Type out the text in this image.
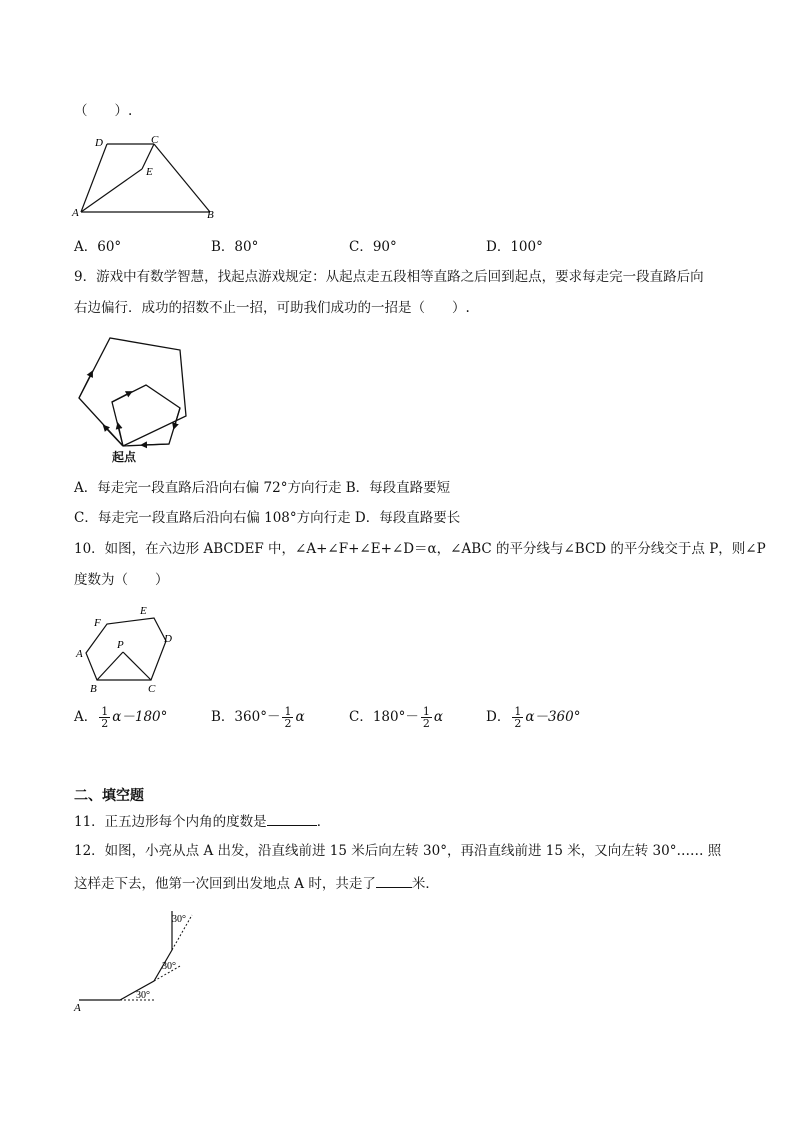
（　　）.
A	B
C
D
E
A．60°	B．80°	C．90°	D．100°
9．游戏中有数学智慧，找起点游戏规定：从起点走五段相等直路之后回到起点，要求每走完一段直路后向
右边偏行．成功的招数不止一招，可助我们成功的一招是（　　）.
起点
A．每走完一段直路后沿向右偏 72°方向行走 B．每段直路要短
C．每走完一段直路后沿向右偏 108°方向行走 D．每段直路要长
10．如图，在六边形 ABCDEF 中，∠A+∠F+∠E+∠D＝α，∠ABC 的平分线与∠BCD 的平分线交于点 P，则∠P
度数为（　　）
A
B	C
D
E
F
P
A． $\frac{1}{2} \alpha-180^\circ$	B．$360^\circ- \frac{1}{2}$ α	C．$180^\circ- \frac{1}{2}$ α	D． $\frac{1}{2} \alpha-360^\circ$
二、填空题
11．正五边形每个内角的度数是	．
12．如图，小亮从点 A 出发，沿直线前进 15 米后向左转 30°，再沿直线前进 15 米，又向左转 30°…… 照
这样走下去，他第一次回到出发地点 A 时，共走了	米．
30°
30°
30°
A
